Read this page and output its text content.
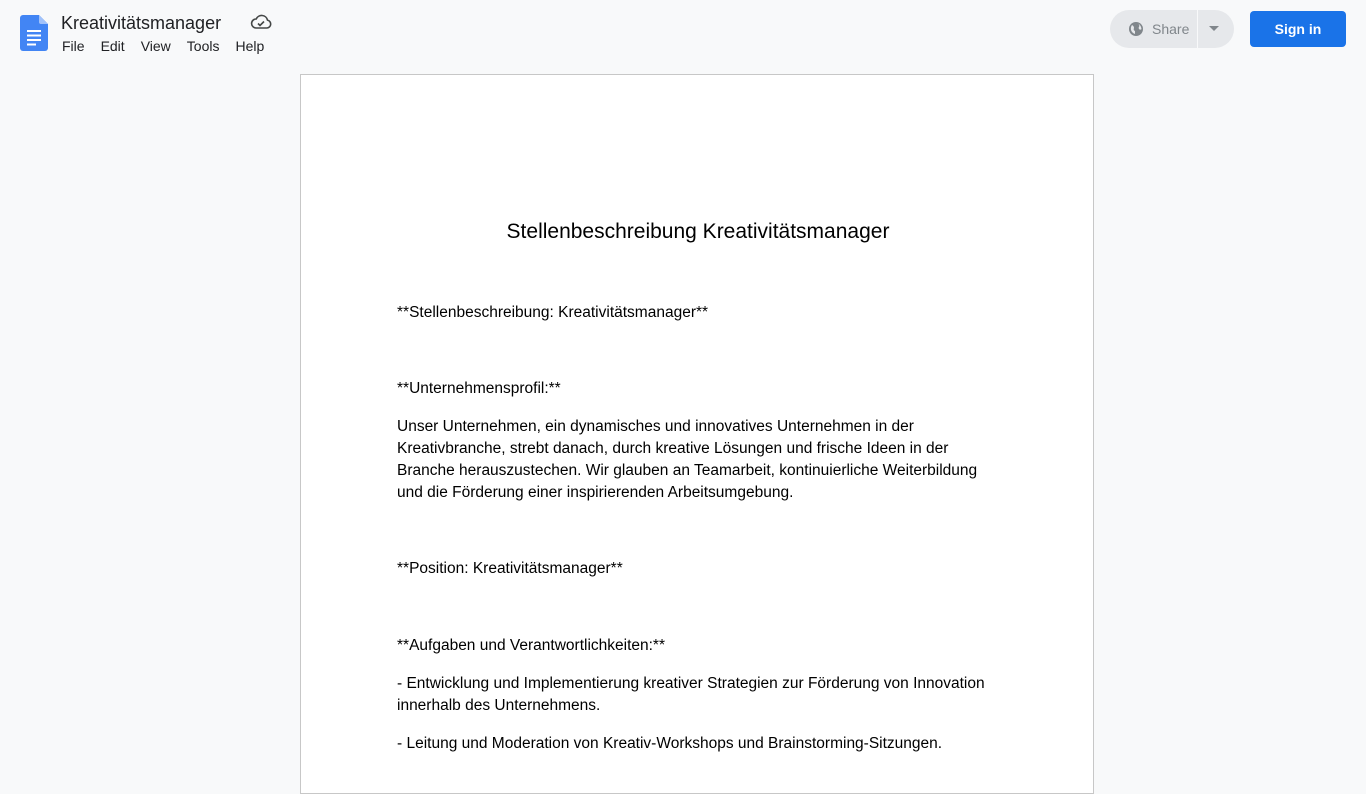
Kreativitätsmanager
File	Edit	View	Tools	Help
Share	Sign in
Stellenbeschreibung Kreativitätsmanager
**Stellenbeschreibung: Kreativitätsmanager**
**Unternehmensprofil:**
Unser Unternehmen, ein dynamisches und innovatives Unternehmen in der Kreativbranche, strebt danach, durch kreative Lösungen und frische Ideen in der Branche herauszustechen. Wir glauben an Teamarbeit, kontinuierliche Weiterbildung und die Förderung einer inspirierenden Arbeitsumgebung.
**Position: Kreativitätsmanager**
**Aufgaben und Verantwortlichkeiten:**
- Entwicklung und Implementierung kreativer Strategien zur Förderung von Innovation innerhalb des Unternehmens.
- Leitung und Moderation von Kreativ-Workshops und Brainstorming-Sitzungen.
